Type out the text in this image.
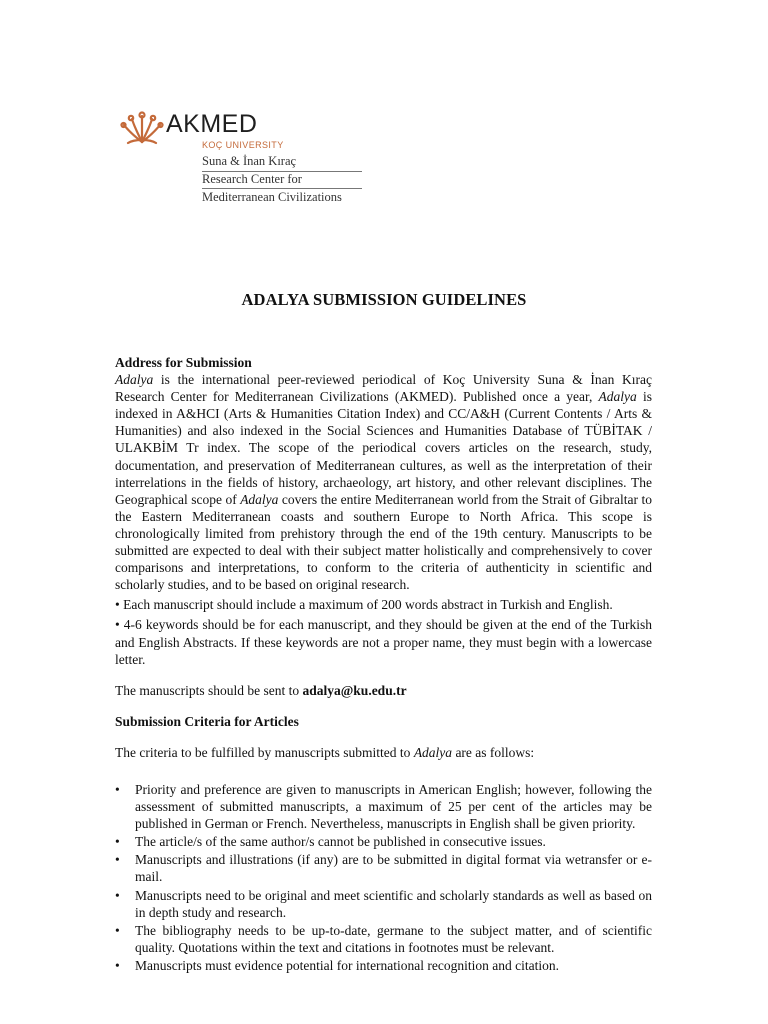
AKMED
KOÇ UNIVERSITY
Suna & İnan Kıraç
Research Center for
Mediterranean Civilizations
ADALYA SUBMISSION GUIDELINES
Address for Submission

Adalya is the international peer-reviewed periodical of Koç University Suna & İnan Kıraç Research Center for Mediterranean Civilizations (AKMED). Published once a year, Adalya is indexed in A&HCI (Arts & Humanities Citation Index) and CC/A&H (Current Contents / Arts & Humanities) and also indexed in the Social Sciences and Humanities Database of TÜBİTAK / ULAKBİM Tr index. The scope of the periodical covers articles on the research, study, documentation, and preservation of Mediterranean cultures, as well as the interpretation of their interrelations in the fields of history, archaeology, art history, and other relevant disciplines. The Geographical scope of Adalya covers the entire Mediterranean world from the Strait of Gibraltar to the Eastern Mediterranean coasts and southern Europe to North Africa. This scope is chronologically limited from prehistory through the end of the 19th century. Manuscripts to be submitted are expected to deal with their subject matter holistically and comprehensively to cover comparisons and interpretations, to conform to the criteria of authenticity in scientific and scholarly studies, and to be based on original research.

• Each manuscript should include a maximum of 200 words abstract in Turkish and English.

• 4-6 keywords should be for each manuscript, and they should be given at the end of the Turkish and English Abstracts. If these keywords are not a proper name, they must begin with a lowercase letter.

The manuscripts should be sent to adalya@ku.edu.tr

Submission Criteria for Articles

The criteria to be fulfilled by manuscripts submitted to Adalya are as follows:

• Priority and preference are given to manuscripts in American English; however, following the assessment of submitted manuscripts, a maximum of 25 per cent of the articles may be published in German or French. Nevertheless, manuscripts in English shall be given priority.
• The article/s of the same author/s cannot be published in consecutive issues.
• Manuscripts and illustrations (if any) are to be submitted in digital format via wetransfer or e-mail.
• Manuscripts need to be original and meet scientific and scholarly standards as well as based on in depth study and research.
• The bibliography needs to be up-to-date, germane to the subject matter, and of scientific quality. Quotations within the text and citations in footnotes must be relevant.
• Manuscripts must evidence potential for international recognition and citation.
